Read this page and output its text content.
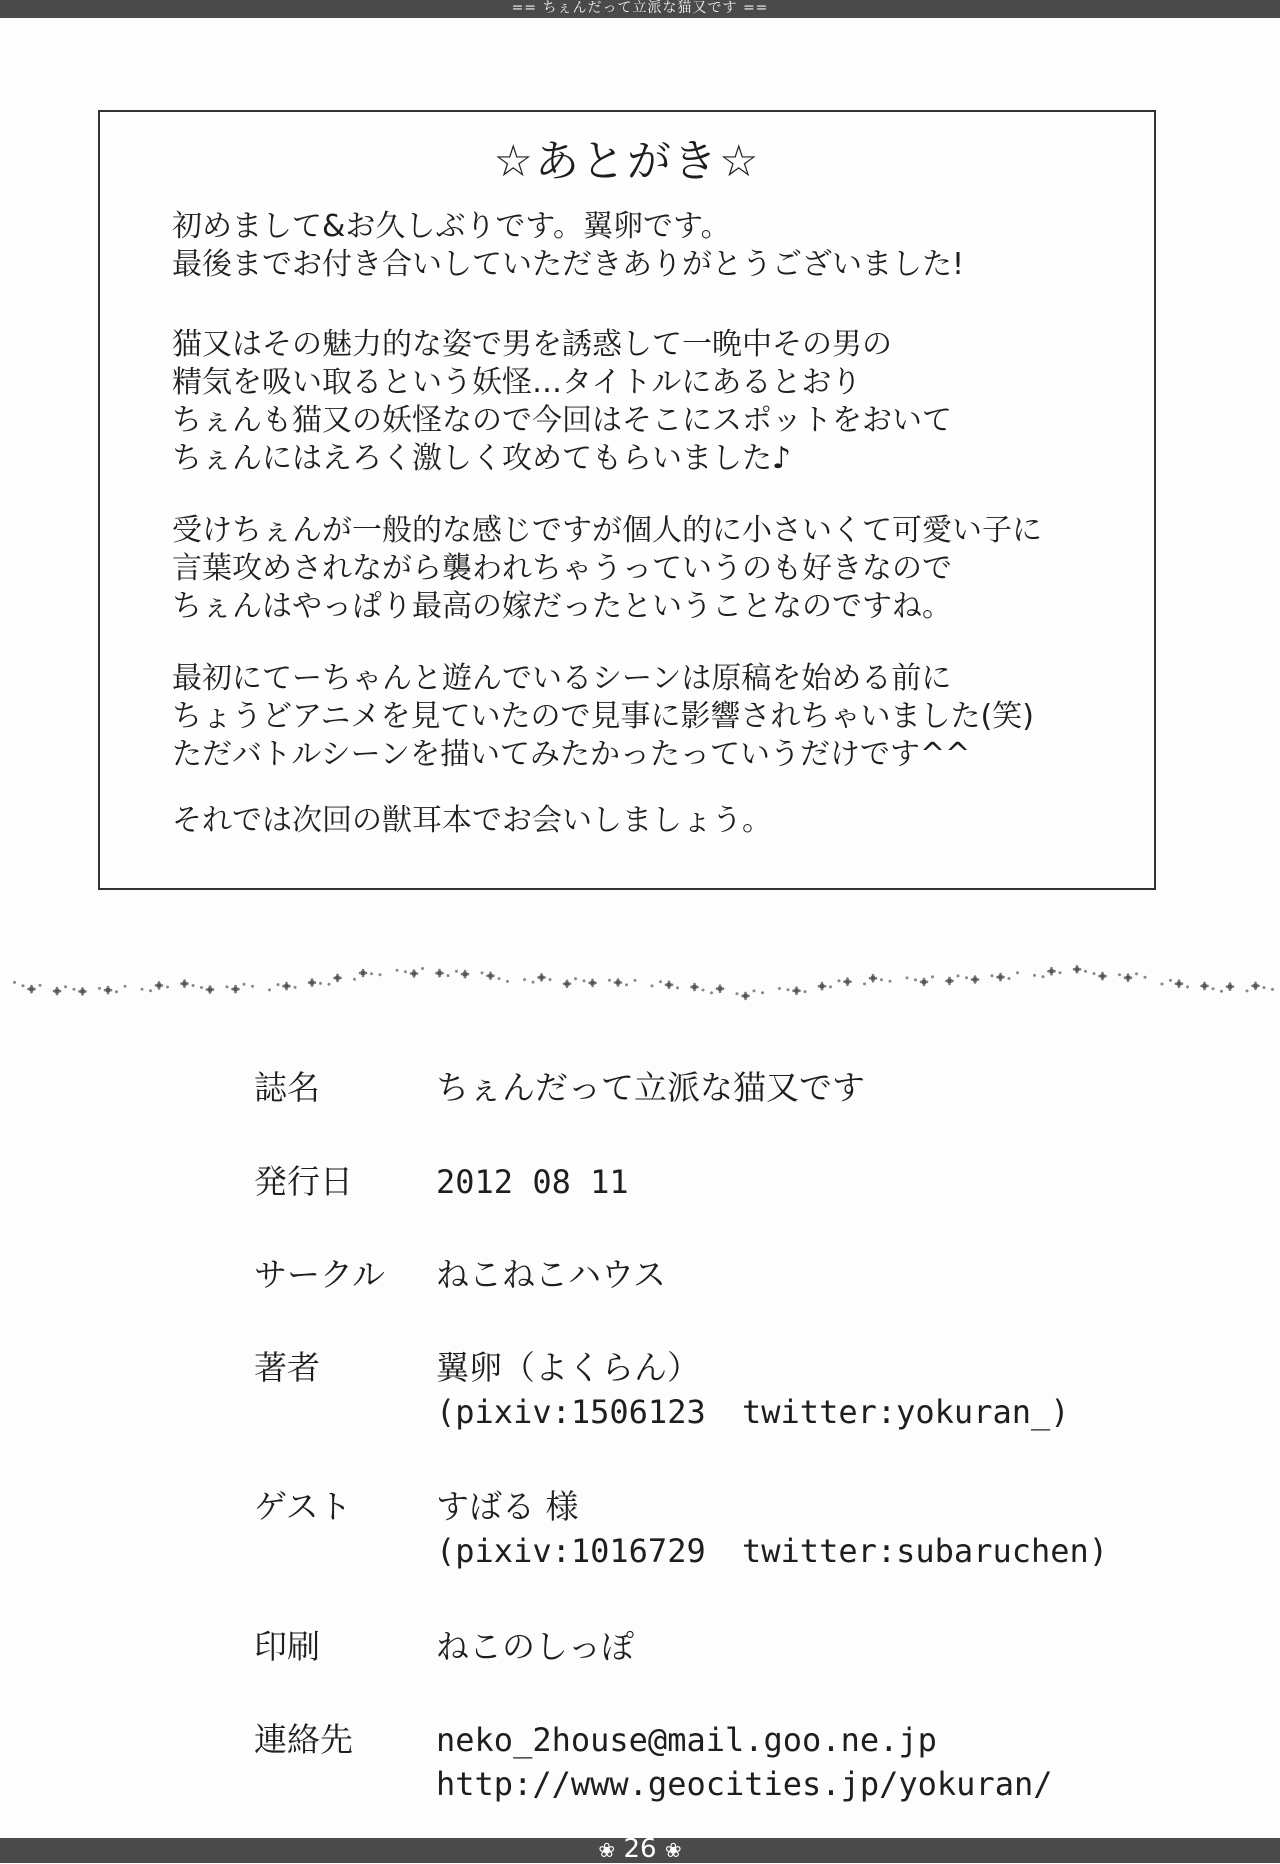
== ちぇんだって立派な猫又です ==
☆あとがき☆
初めまして&お久しぶりです。翼卵です。
最後までお付き合いしていただきありがとうございました!
猫又はその魅力的な姿で男を誘惑して一晩中その男の
精気を吸い取るという妖怪…タイトルにあるとおり
ちぇんも猫又の妖怪なので今回はそこにスポットをおいて
ちぇんにはえろく激しく攻めてもらいました♪
受けちぇんが一般的な感じですが個人的に小さいくて可愛い子に
言葉攻めされながら襲われちゃうっていうのも好きなので
ちぇんはやっぱり最高の嫁だったということなのですね。
最初にてーちゃんと遊んでいるシーンは原稿を始める前に
ちょうどアニメを見ていたので見事に影響されちゃいました(笑)
ただバトルシーンを描いてみたかったっていうだけです^^
それでは次回の獣耳本でお会いしましょう。
誌名	ちぇんだって立派な猫又です
発行日	2012 08 11
サークル ねこねこハウス
著者	翼卵（よくらん）
(pixiv:1506123 twitter:yokuran_)
ゲスト	すばる 様
(pixiv:1016729 twitter:subaruchen)
印刷	ねこのしっぽ
連絡先	neko_2house@mail.goo.ne.jp
http://www.geocities.jp/yokuran/
❀ 26 ❀
